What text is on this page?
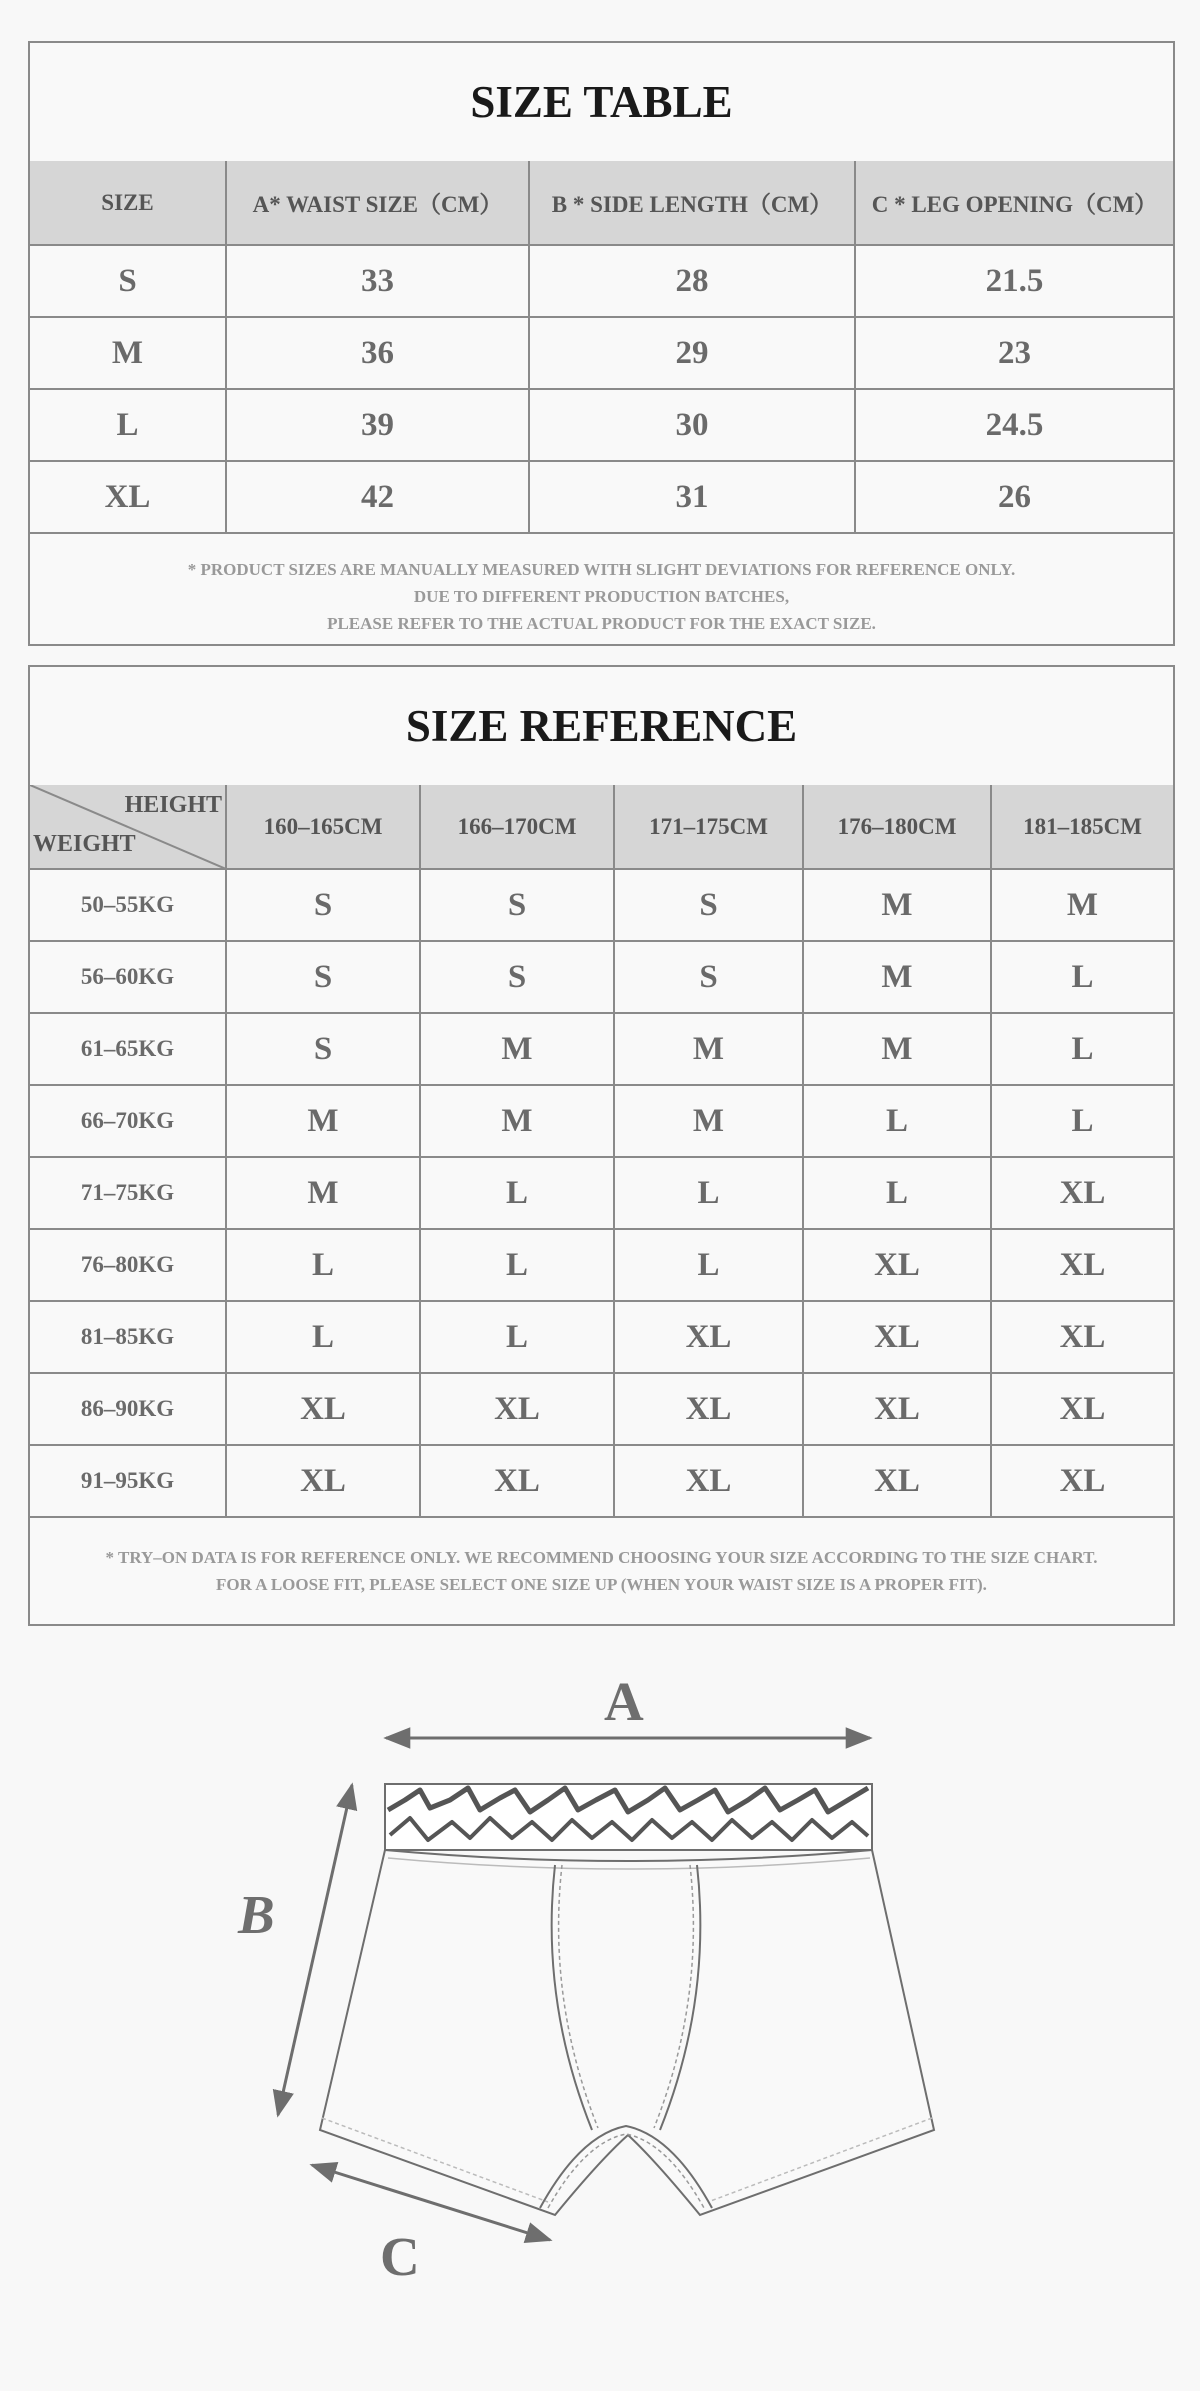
SIZE TABLE
SIZE	A* WAIST SIZE（CM）	B * SIDE LENGTH（CM）	C * LEG OPENING（CM）
S	33	28	21.5
M	36	29	23
L	39	30	24.5
XL	42	31	26
* PRODUCT SIZES ARE MANUALLY MEASURED WITH SLIGHT DEVIATIONS FOR REFERENCE ONLY.
DUE TO DIFFERENT PRODUCTION BATCHES,
PLEASE REFER TO THE ACTUAL PRODUCT FOR THE EXACT SIZE.
SIZE REFERENCE
HEIGHT
WEIGHT	160–165CM	166–170CM	171–175CM	176–180CM	181–185CM
50–55KG	S	S	S	M	M
56–60KG	S	S	S	M	L
61–65KG	S	M	M	M	L
66–70KG	M	M	M	L	L
71–75KG	M	L	L	L	XL
76–80KG	L	L	L	XL	XL
81–85KG	L	L	XL	XL	XL
86–90KG	XL	XL	XL	XL	XL
91–95KG	XL	XL	XL	XL	XL
* TRY–ON DATA IS FOR REFERENCE ONLY. WE RECOMMEND CHOOSING YOUR SIZE ACCORDING TO THE SIZE CHART.
FOR A LOOSE FIT, PLEASE SELECT ONE SIZE UP (WHEN YOUR WAIST SIZE IS A PROPER FIT).
A
B
C
